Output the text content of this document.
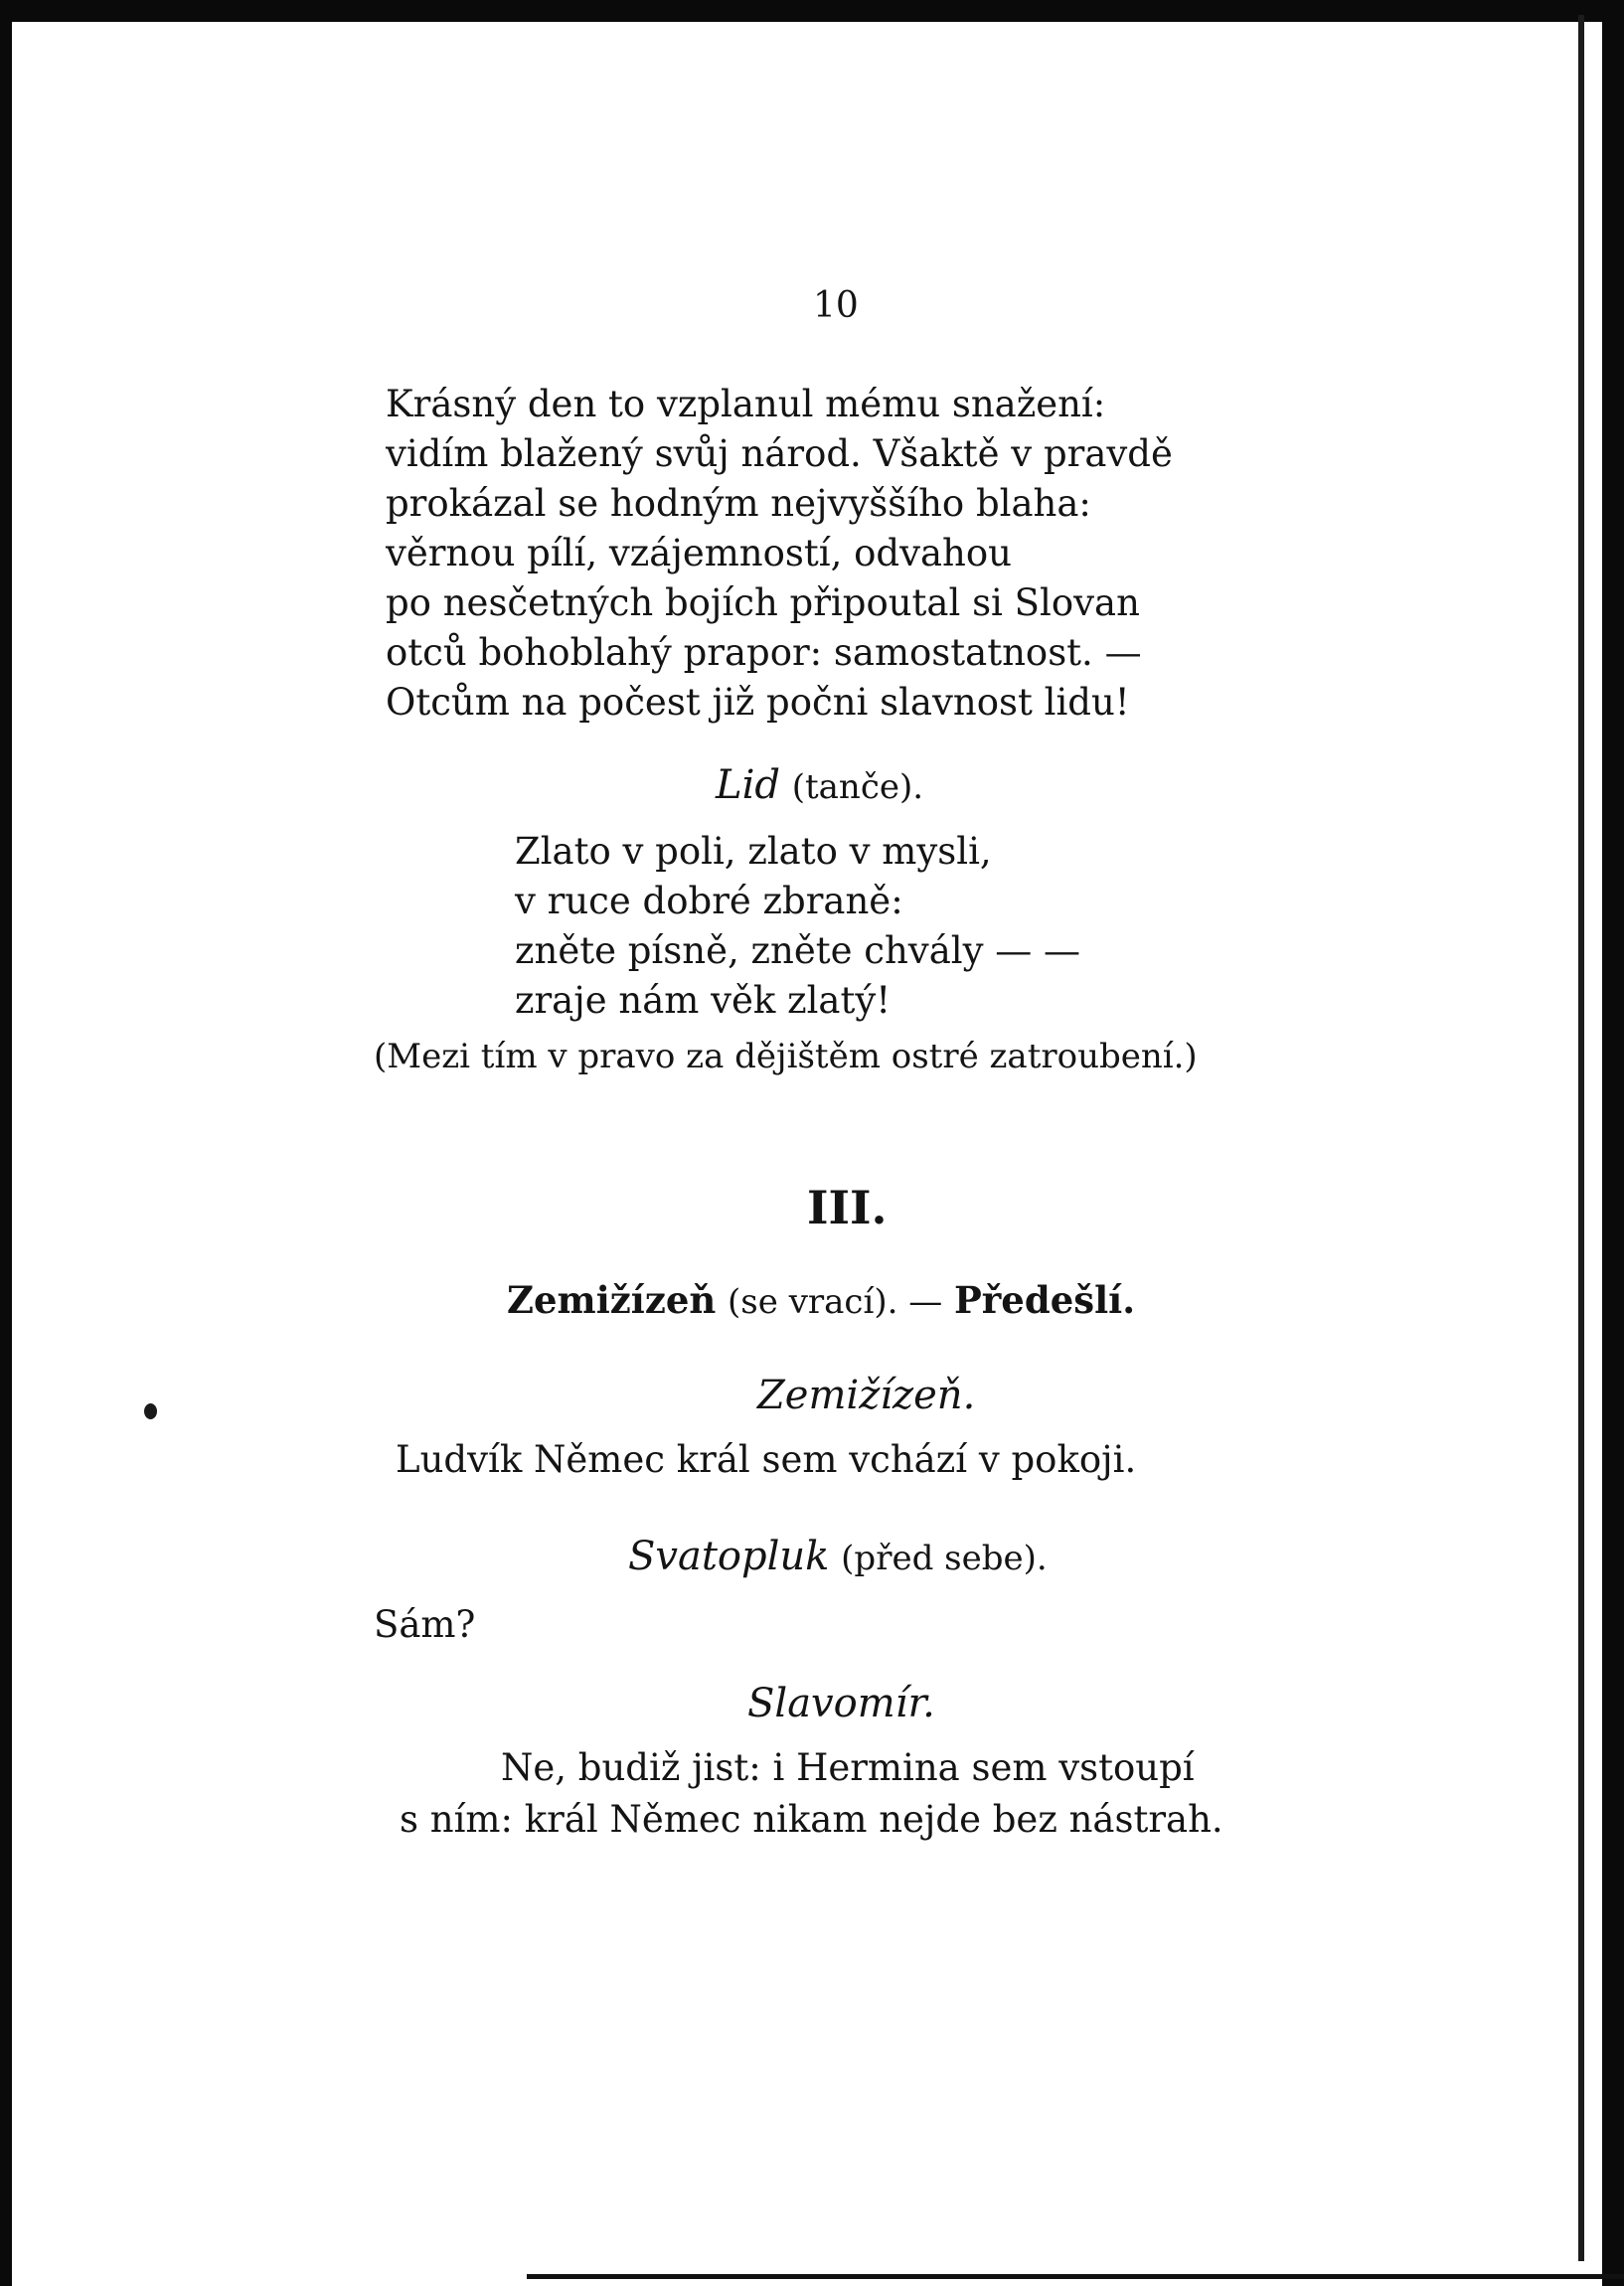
10
Krásný den to vzplanul mému snažení:
vidím blažený svůj národ. Všaktě v pravdě
prokázal se hodným nejvyššího blaha:
věrnou pílí, vzájemností, odvahou
po nesčetných bojích připoutal si Slovan
otců bohoblahý prapor: samostatnost. —
Otcům na počest již počni slavnost lidu!
Lid (tanče).
Zlato v poli, zlato v mysli,
v ruce dobré zbraně:
zněte písně, zněte chvály — —
zraje nám věk zlatý!
(Mezi tím v pravo za dějištěm ostré zatroubení.)
III.
Zemižízeň (se vrací). — Předešlí.
Zemižízeň.
Ludvík Němec král sem vchází v pokoji.
Svatopluk (před sebe).
Sám?
Slavomír.
Ne, budiž jist: i Hermina sem vstoupí
s ním: král Němec nikam nejde bez nástrah.
